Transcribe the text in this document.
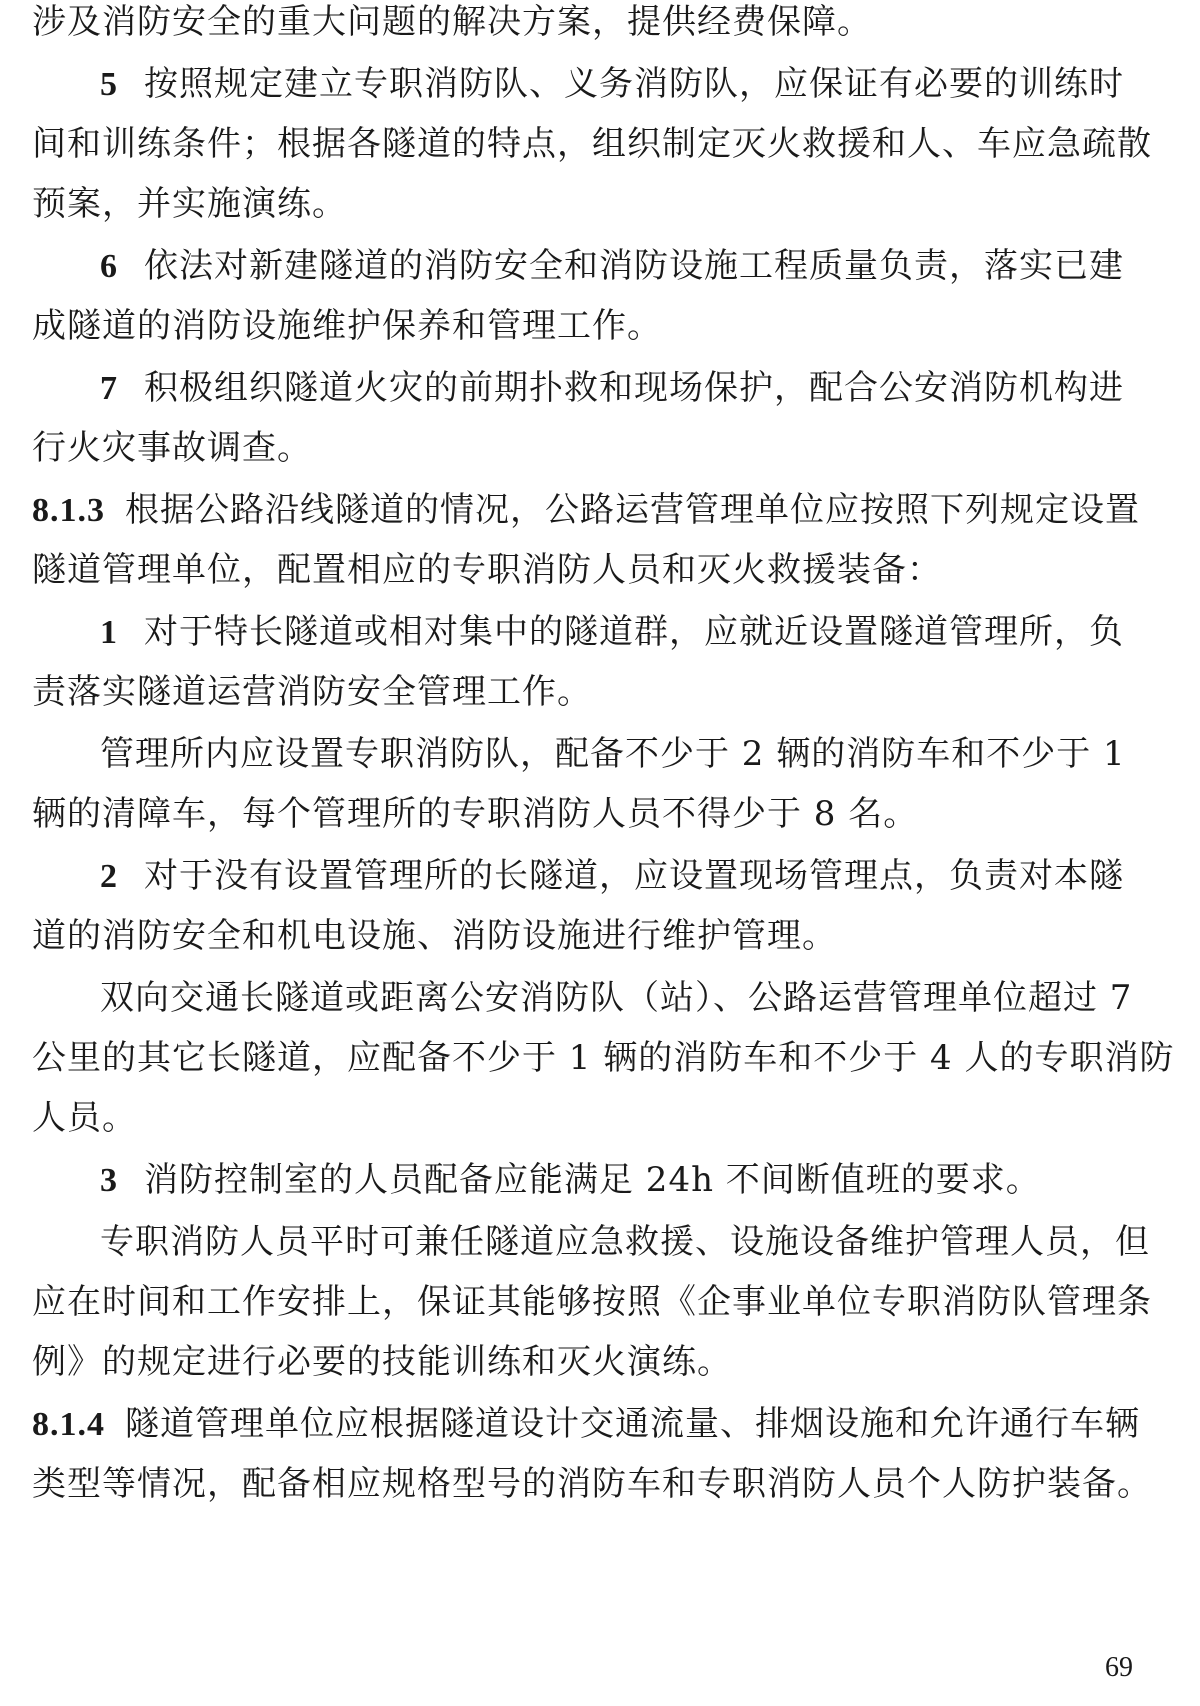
涉及消防安全的重大问题的解决方案，提供经费保障。
5 按照规定建立专职消防队、义务消防队，应保证有必要的训练时
间和训练条件；根据各隧道的特点，组织制定灭火救援和人、车应急疏散
预案，并实施演练。
6 依法对新建隧道的消防安全和消防设施工程质量负责，落实已建
成隧道的消防设施维护保养和管理工作。
7 积极组织隧道火灾的前期扑救和现场保护，配合公安消防机构进
行火灾事故调查。
8.1.3 根据公路沿线隧道的情况，公路运营管理单位应按照下列规定设置
隧道管理单位，配置相应的专职消防人员和灭火救援装备：
1 对于特长隧道或相对集中的隧道群，应就近设置隧道管理所，负
责落实隧道运营消防安全管理工作。
管理所内应设置专职消防队，配备不少于 2 辆的消防车和不少于 1
辆的清障车，每个管理所的专职消防人员不得少于 8 名。
2 对于没有设置管理所的长隧道，应设置现场管理点，负责对本隧
道的消防安全和机电设施、消防设施进行维护管理。
双向交通长隧道或距离公安消防队（站）、公路运营管理单位超过 7
公里的其它长隧道，应配备不少于 1 辆的消防车和不少于 4 人的专职消防
人员。
3 消防控制室的人员配备应能满足 24h 不间断值班的要求。
专职消防人员平时可兼任隧道应急救援、设施设备维护管理人员，但
应在时间和工作安排上，保证其能够按照《企事业单位专职消防队管理条
例》的规定进行必要的技能训练和灭火演练。
8.1.4 隧道管理单位应根据隧道设计交通流量、排烟设施和允许通行车辆
类型等情况，配备相应规格型号的消防车和专职消防人员个人防护装备。
69
